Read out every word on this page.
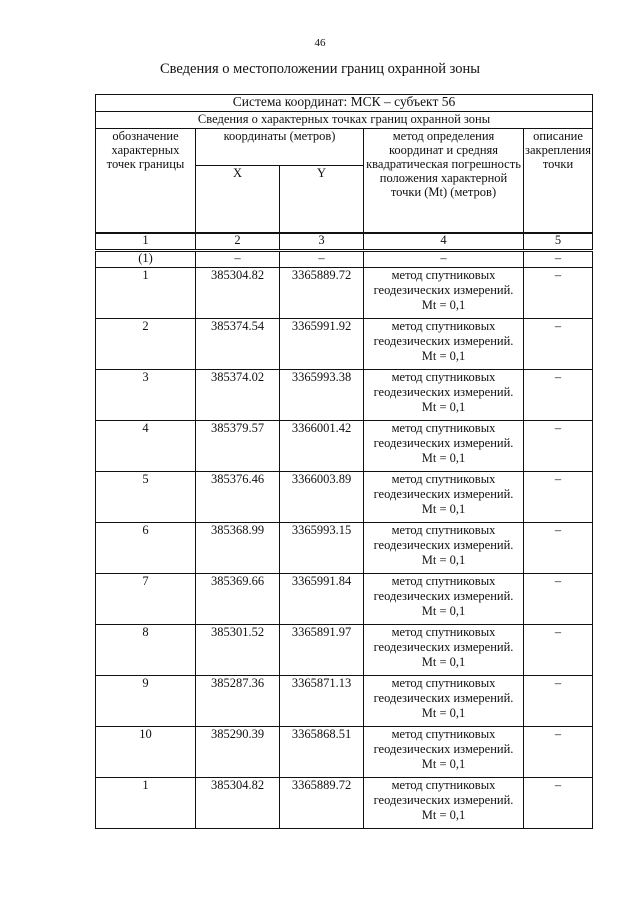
46
Сведения о местоположении границ охранной зоны
Система координат: МСК – субъект 56				
Сведения о характерных точках границ охранной зоны				
обозначение характерных точек границы	координаты (метров)		метод определения координат и средняя квадратическая погрешность положения характерной точки (Mt) (метров)	описание закрепления точки
	X	Y		
1	2	3	4	5
(1)	–	–	–	–
1	385304.82	3365889.72	метод спутниковых геодезических измерений. Mt = 0,1	–
2	385374.54	3365991.92	метод спутниковых геодезических измерений. Mt = 0,1	–
3	385374.02	3365993.38	метод спутниковых геодезических измерений. Mt = 0,1	–
4	385379.57	3366001.42	метод спутниковых геодезических измерений. Mt = 0,1	–
5	385376.46	3366003.89	метод спутниковых геодезических измерений. Mt = 0,1	–
6	385368.99	3365993.15	метод спутниковых геодезических измерений. Mt = 0,1	–
7	385369.66	3365991.84	метод спутниковых геодезических измерений. Mt = 0,1	–
8	385301.52	3365891.97	метод спутниковых геодезических измерений. Mt = 0,1	–
9	385287.36	3365871.13	метод спутниковых геодезических измерений. Mt = 0,1	–
10	385290.39	3365868.51	метод спутниковых геодезических измерений. Mt = 0,1	–
1	385304.82	3365889.72	метод спутниковых геодезических измерений. Mt = 0,1	–
